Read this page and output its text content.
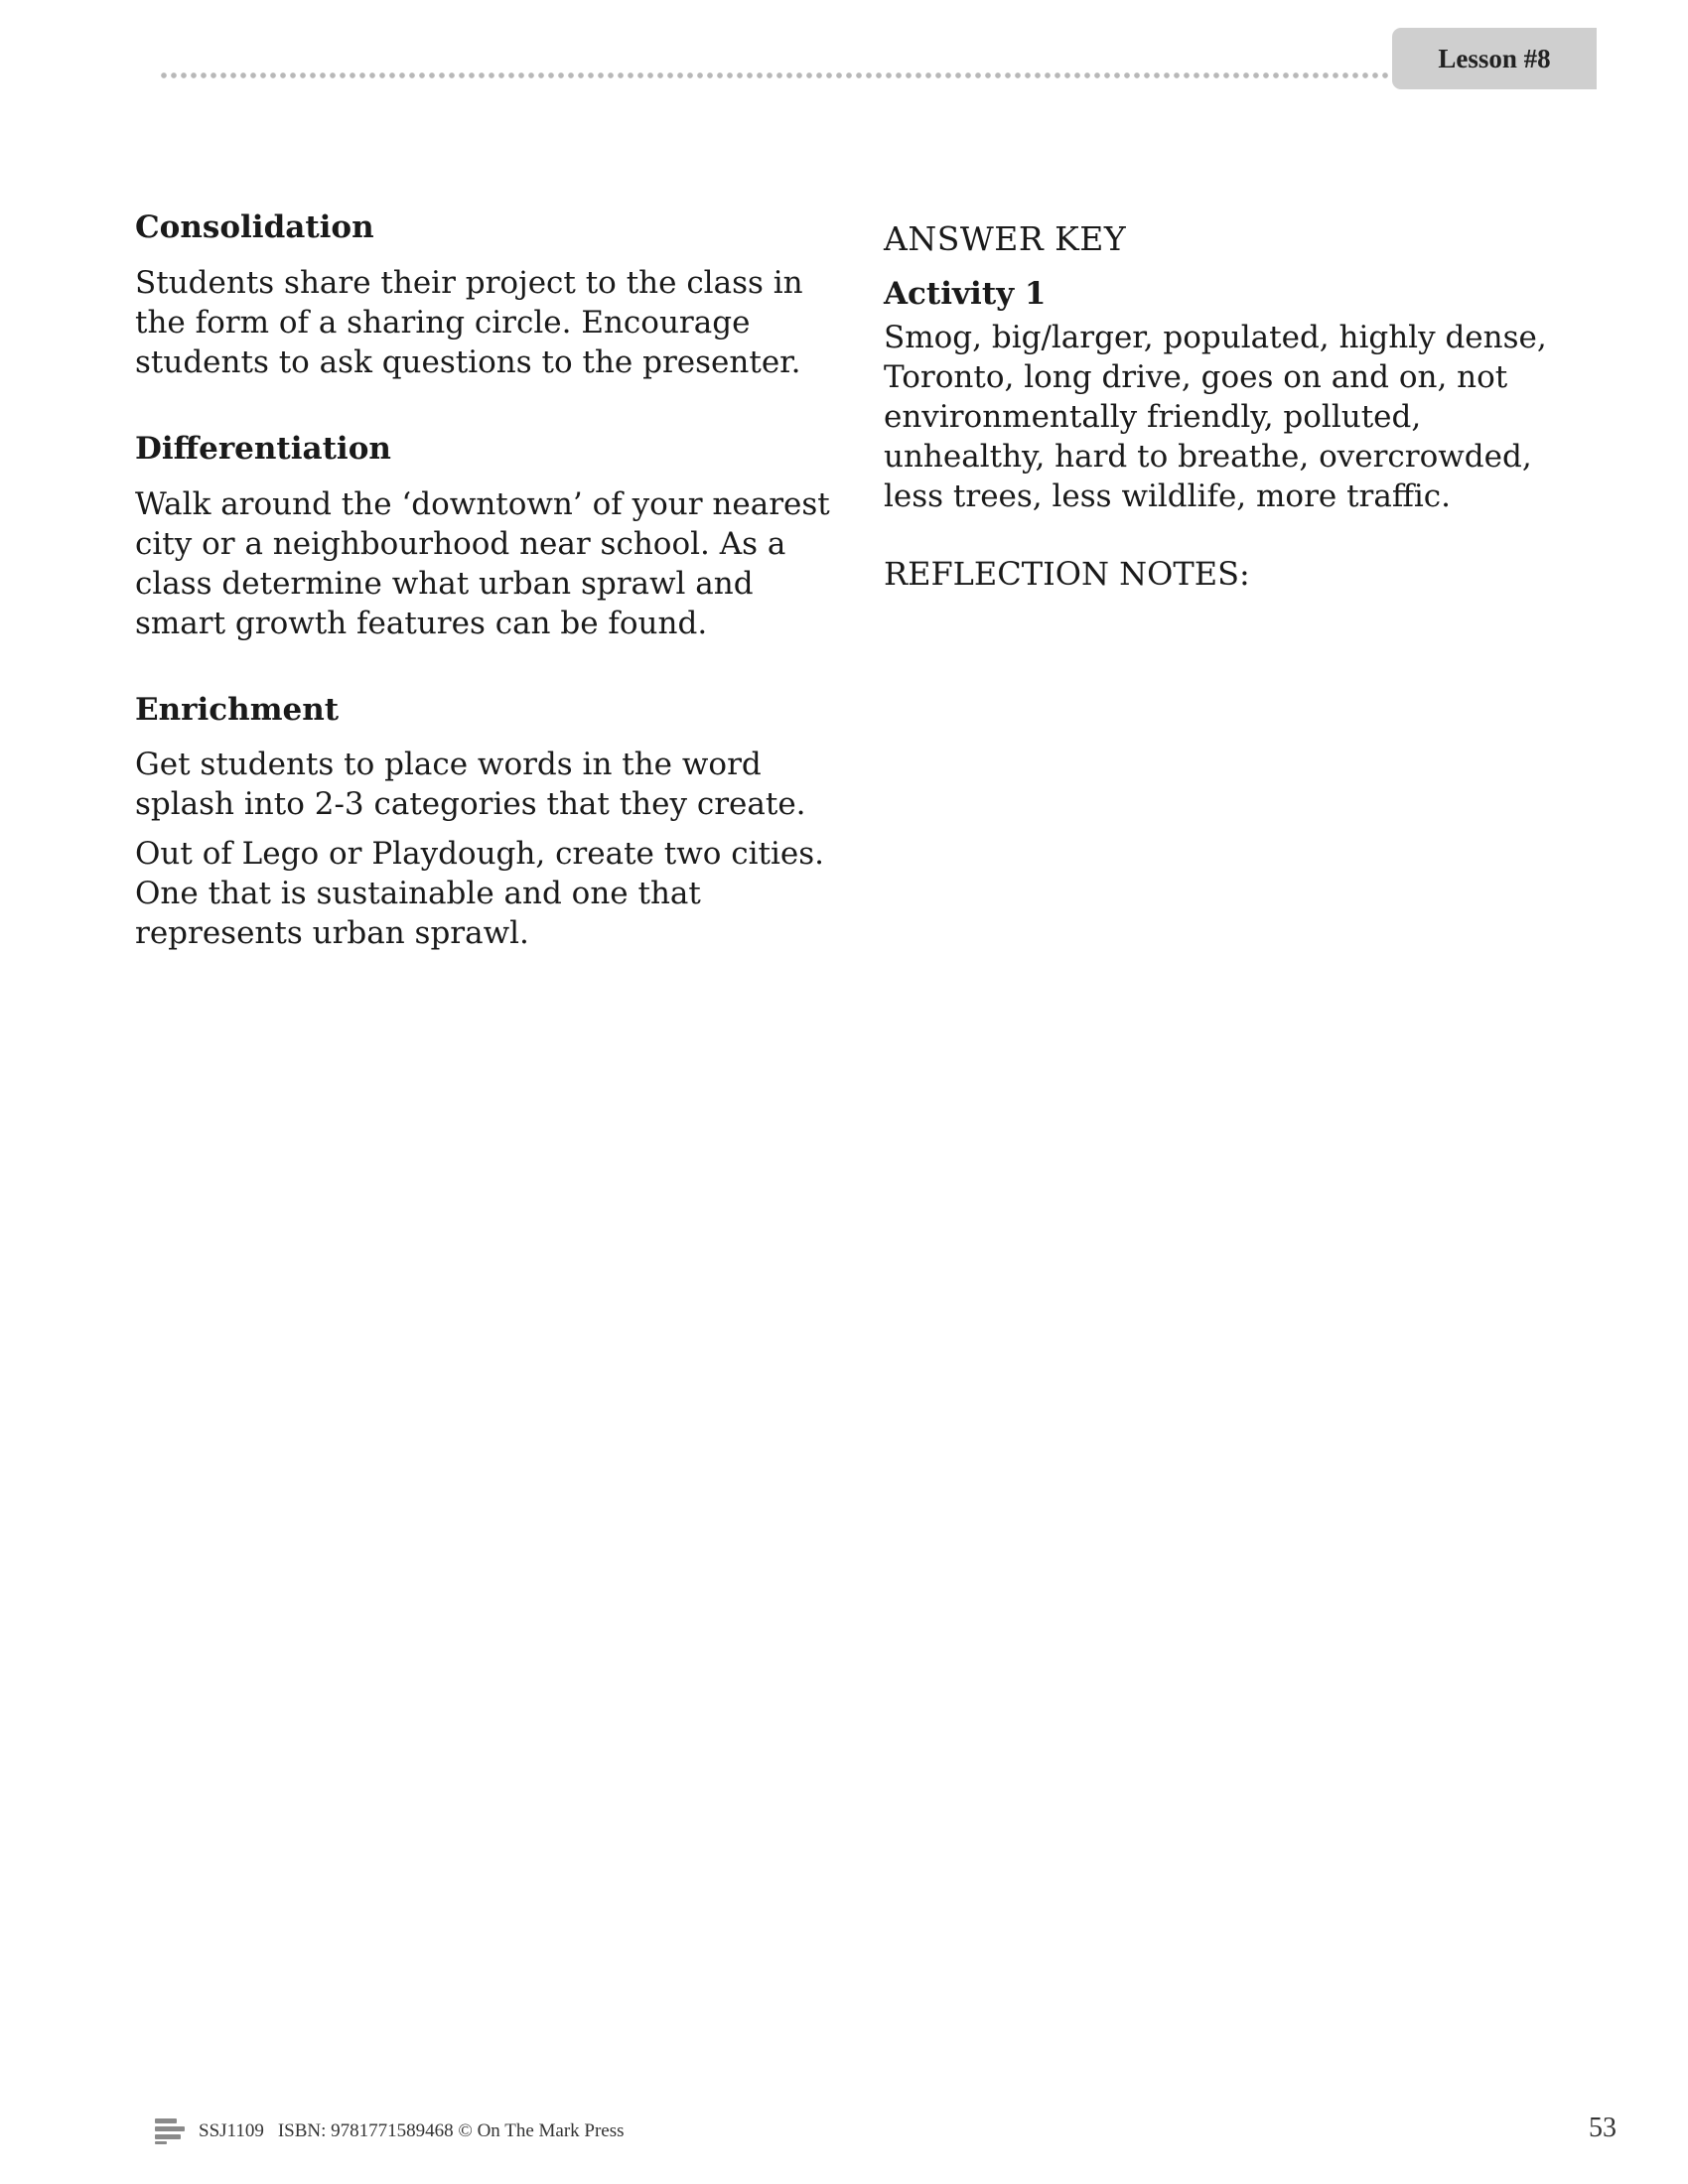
Lesson #8
Consolidation

Students share their project to the class in the form of a sharing circle. Encourage students to ask questions to the presenter.

Differentiation

Walk around the ‘downtown’ of your nearest city or a neighbourhood near school. As a class determine what urban sprawl and smart growth features can be found.

Enrichment

Get students to place words in the word splash into 2-3 categories that they create.

Out of Lego or Playdough, create two cities. One that is sustainable and one that represents urban sprawl.

ANSWER KEY
Activity 1

Smog, big/larger, populated, highly dense, Toronto, long drive, goes on and on, not environmentally friendly, polluted, unhealthy, hard to breathe, overcrowded, less trees, less wildlife, more traffic.

REFLECTION NOTES:
SSJ1109 ISBN: 9781771589468 © On The Mark Press	53
